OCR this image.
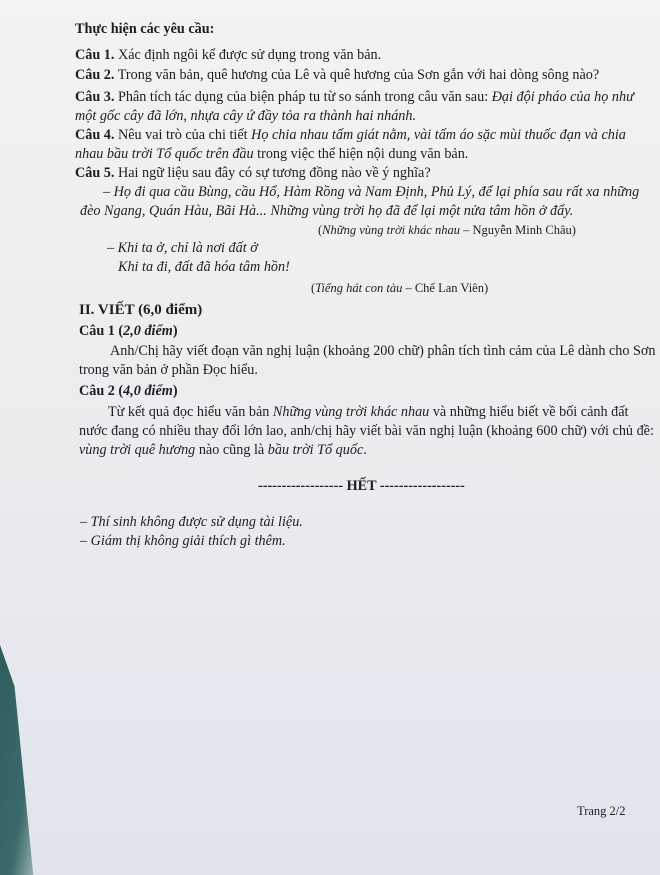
Thực hiện các yêu cầu:
Câu 1. Xác định ngôi kể được sử dụng trong văn bản.
Câu 2. Trong văn bản, quê hương của Lê và quê hương của Sơn gắn với hai dòng sông nào?
Câu 3. Phân tích tác dụng của biện pháp tu từ so sánh trong câu văn sau: Đại đội pháo của họ như
một gốc cây đã lớn, nhựa cây ứ đầy tỏa ra thành hai nhánh.
Câu 4. Nêu vai trò của chi tiết Họ chia nhau tấm giát nằm, vài tấm áo sặc mùi thuốc đạn và chia
nhau bầu trời Tổ quốc trên đầu trong việc thể hiện nội dung văn bản.
Câu 5. Hai ngữ liệu sau đây có sự tương đồng nào về ý nghĩa?
– Họ đi qua cầu Bùng, cầu Hổ, Hàm Rồng và Nam Định, Phủ Lý, để lại phía sau rất xa những
đèo Ngang, Quán Hàu, Bãi Hà... Những vùng trời họ đã để lại một nửa tâm hồn ở đấy.
(Những vùng trời khác nhau – Nguyễn Minh Châu)
– Khi ta ở, chỉ là nơi đất ở
Khi ta đi, đất đã hóa tâm hồn!
(Tiếng hát con tàu – Chế Lan Viên)
II. VIẾT (6,0 điểm)
Câu 1 (2,0 điểm)
Anh/Chị hãy viết đoạn văn nghị luận (khoảng 200 chữ) phân tích tình cảm của Lê dành cho Sơn
trong văn bản ở phần Đọc hiểu.
Câu 2 (4,0 điểm)
Từ kết quả đọc hiểu văn bản Những vùng trời khác nhau và những hiểu biết về bối cảnh đất
nước đang có nhiều thay đổi lớn lao, anh/chị hãy viết bài văn nghị luận (khoảng 600 chữ) với chủ đề:
vùng trời quê hương nào cũng là bầu trời Tổ quốc.
------------------ HẾT ------------------
– Thí sinh không được sử dụng tài liệu.
– Giám thị không giải thích gì thêm.
Trang 2/2
